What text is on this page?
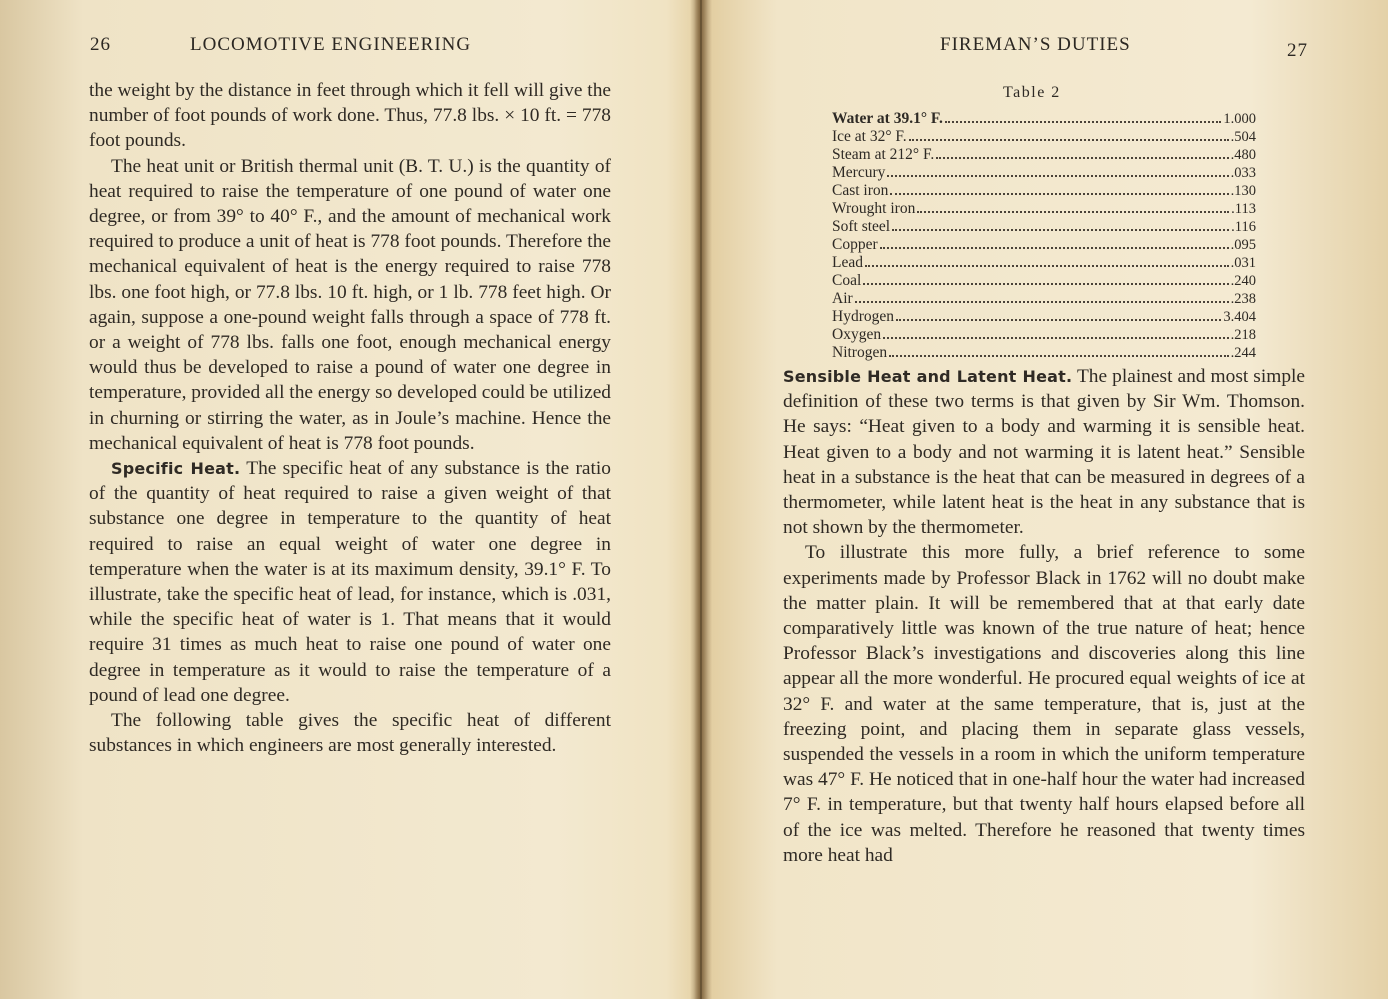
26	LOCOMOTIVE ENGINEERING

the weight by the distance in feet through which it fell will give the number of foot pounds of work done. Thus, 77.8 lbs. × 10 ft. = 778 foot pounds.

The heat unit or British thermal unit (B. T. U.) is the quantity of heat required to raise the temperature of one pound of water one degree, or from 39° to 40° F., and the amount of mechanical work required to produce a unit of heat is 778 foot pounds. Therefore the mechanical equivalent of heat is the energy required to raise 778 lbs. one foot high, or 77.8 lbs. 10 ft. high, or 1 lb. 778 feet high. Or again, suppose a one-pound weight falls through a space of 778 ft. or a weight of 778 lbs. falls one foot, enough mechanical energy would thus be developed to raise a pound of water one degree in temperature, provided all the energy so developed could be utilized in churning or stirring the water, as in Joule’s machine. Hence the mechanical equivalent of heat is 778 foot pounds.

Specific Heat. The specific heat of any substance is the ratio of the quantity of heat required to raise a given weight of that substance one degree in temperature to the quantity of heat required to raise an equal weight of water one degree in temperature when the water is at its maximum density, 39.1° F. To illustrate, take the specific heat of lead, for instance, which is .031, while the specific heat of water is 1. That means that it would require 31 times as much heat to raise one pound of water one degree in temperature as it would to raise the temperature of a pound of lead one degree.

The following table gives the specific heat of different substances in which engineers are most generally interested.

FIREMAN’S DUTIES	27
Table 2
Water at 39.1° F.	1.000
Ice at 32° F.	.504
Steam at 212° F.	.480
Mercury	.033
Cast iron	.130
Wrought iron	.113
Soft steel	.116
Copper	.095
Lead	.031
Coal	.240
Air	.238
Hydrogen	3.404
Oxygen	.218
Nitrogen	.244

Sensible Heat and Latent Heat. The plainest and most simple definition of these two terms is that given by Sir Wm. Thomson. He says: “Heat given to a body and warming it is sensible heat. Heat given to a body and not warming it is latent heat.” Sensible heat in a substance is the heat that can be measured in degrees of a thermometer, while latent heat is the heat in any substance that is not shown by the thermometer.

To illustrate this more fully, a brief reference to some experiments made by Professor Black in 1762 will no doubt make the matter plain. It will be remembered that at that early date comparatively little was known of the true nature of heat; hence Professor Black’s investigations and discoveries along this line appear all the more wonderful. He procured equal weights of ice at 32° F. and water at the same temperature, that is, just at the freezing point, and placing them in separate glass vessels, suspended the vessels in a room in which the uniform temperature was 47° F. He noticed that in one-half hour the water had increased 7° F. in temperature, but that twenty half hours elapsed before all of the ice was melted. Therefore he reasoned that twenty times more heat had
